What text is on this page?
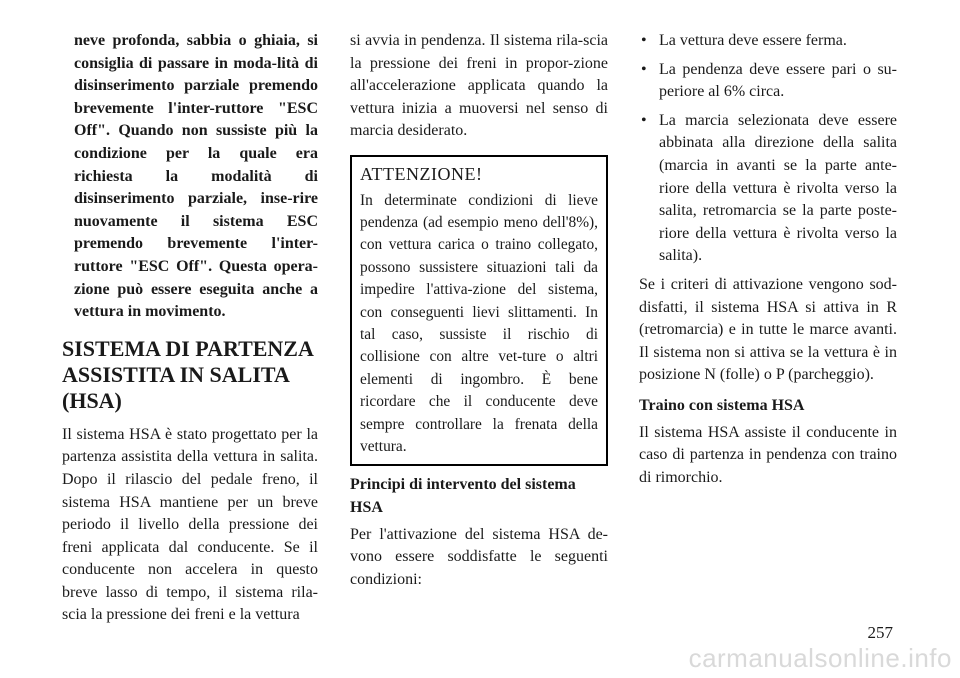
neve profonda, sabbia o ghiaia, si consiglia di passare in moda-lità di disinserimento parziale premendo brevemente l'inter-ruttore "ESC Off". Quando non sussiste più la condizione per la quale era richiesta la modalità di disinserimento parziale, inse-rire nuovamente il sistema ESC premendo brevemente l'inter-ruttore "ESC Off". Questa opera-zione può essere eseguita anche a vettura in movimento.
SISTEMA DI PARTENZA ASSISTITA IN SALITA (HSA)

Il sistema HSA è stato progettato per la partenza assistita della vettura in salita. Dopo il rilascio del pedale freno, il sistema HSA mantiene per un breve periodo il livello della pressione dei freni applicata dal conducente. Se il conducente non accelera in questo breve lasso di tempo, il sistema rila-scia la pressione dei freni e la vettura

si avvia in pendenza. Il sistema rila-scia la pressione dei freni in propor-zione all'accelerazione applicata quando la vettura inizia a muoversi nel senso di marcia desiderato.

ATTENZIONE!
In determinate condizioni di lieve pendenza (ad esempio meno dell'8%), con vettura carica o traino collegato, possono sussistere situazioni tali da impedire l'attiva-zione del sistema, con conseguenti lievi slittamenti. In tal caso, sussiste il rischio di collisione con altre vet-ture o altri elementi di ingombro. È bene ricordare che il conducente deve sempre controllare la frenata della vettura.
Principi di intervento del sistema HSA

Per l'attivazione del sistema HSA de-vono essere soddisfatte le seguenti condizioni:

• La vettura deve essere ferma.
• La pendenza deve essere pari o su-periore al 6% circa.
• La marcia selezionata deve essere abbinata alla direzione della salita (marcia in avanti se la parte ante-riore della vettura è rivolta verso la salita, retromarcia se la parte poste-riore della vettura è rivolta verso la salita).

Se i criteri di attivazione vengono sod-disfatti, il sistema HSA si attiva in R (retromarcia) e in tutte le marce avanti. Il sistema non si attiva se la vettura è in posizione N (folle) o P (parcheggio).

Traino con sistema HSA

Il sistema HSA assiste il conducente in caso di partenza in pendenza con traino di rimorchio.

257
carmanualsonline.info
